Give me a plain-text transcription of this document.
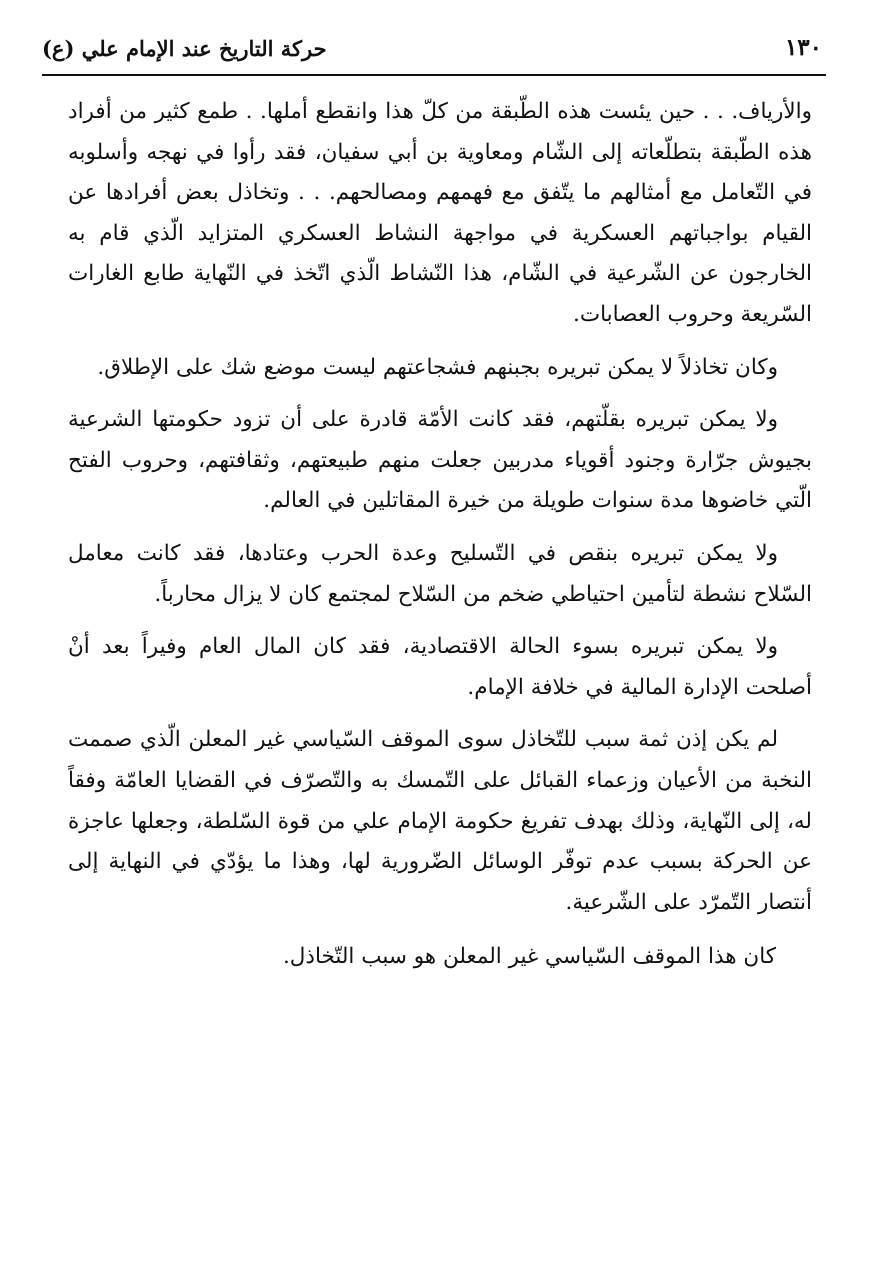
حركة التاريخ عند الإمام علي (ع)	١٣٠

والأرياف. . . حين يئست هذه الطّبقة من كلّ هذا وانقطع أملها. . طمع كثير من أفراد هذه الطّبقة بتطلّعاته إلى الشّام ومعاوية بن أبي سفيان، فقد رأوا في نهجه وأسلوبه في التّعامل مع أمثالهم ما يتّفق مع فهمهم ومصالحهم. . . وتخاذل بعض أفرادها عن القيام بواجباتهم العسكرية في مواجهة النشاط العسكري المتزايد الّذي قام به الخارجون عن الشّرعية في الشّام، هذا النّشاط الّذي اتّخذ في النّهاية طابع الغارات السّريعة وحروب العصابات.

وكان تخاذلاً لا يمكن تبريره بجبنهم فشجاعتهم ليست موضع شك على الإطلاق.

ولا يمكن تبريره بقلّتهم، فقد كانت الأمّة قادرة على أن تزود حكومتها الشرعية بجيوش جرّارة وجنود أقوياء مدربين جعلت منهم طبيعتهم، وثقافتهم، وحروب الفتح الّتي خاضوها مدة سنوات طويلة من خيرة المقاتلين في العالم.

ولا يمكن تبريره بنقص في التّسليح وعدة الحرب وعتادها، فقد كانت معامل السّلاح نشطة لتأمين احتياطي ضخم من السّلاح لمجتمع كان لا يزال محارباً.

ولا يمكن تبريره بسوء الحالة الاقتصادية، فقد كان المال العام وفيراً بعد أنْ أصلحت الإدارة المالية في خلافة الإمام.

لم يكن إذن ثمة سبب للتّخاذل سوى الموقف السّياسي غير المعلن الّذي صممت النخبة من الأعيان وزعماء القبائل على التّمسك به والتّصرّف في القضايا العامّة وفقاً له، إلى النّهاية، وذلك بهدف تفريغ حكومة الإمام علي من قوة السّلطة، وجعلها عاجزة عن الحركة بسبب عدم توفّر الوسائل الضّرورية لها، وهذا ما يؤدّي في النهاية إلى أنتصار التّمرّد على الشّرعية.

كان هذا الموقف السّياسي غير المعلن هو سبب التّخاذل.
